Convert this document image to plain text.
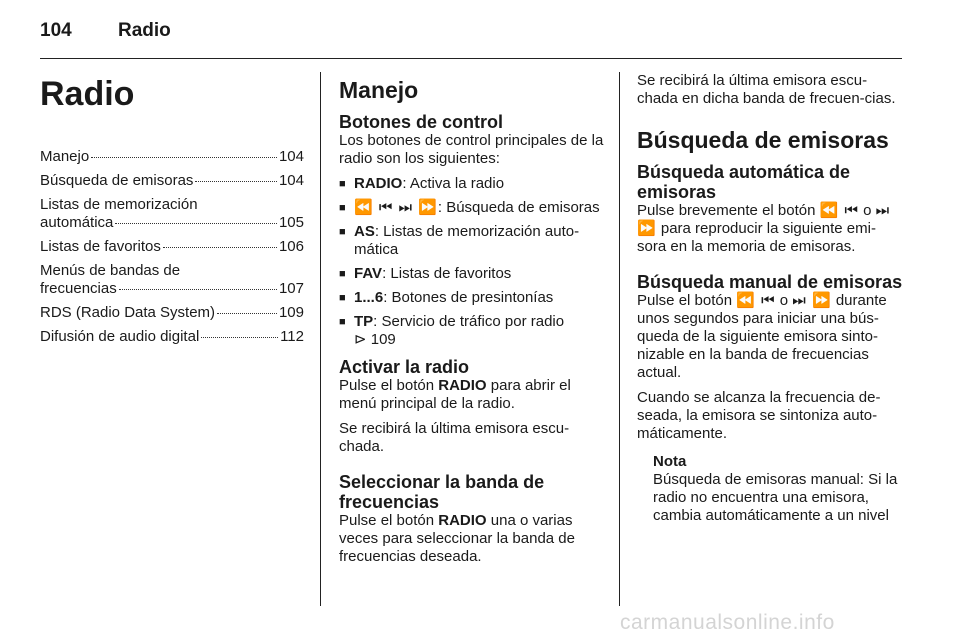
104 Radio
Radio
Manejo	104
Búsqueda de emisoras	104
Listas de memorización
automática	105
Listas de favoritos	106
Menús de bandas de
frecuencias	107
RDS (Radio Data System)	109
Difusión de audio digital	112
Manejo
Botones de control

Los botones de control principales de la radio son los siguientes:

■ RADIO: Activa la radio
■ ⏪ ⏮ ⏭ ⏩: Búsqueda de emisoras
■ AS: Listas de memorización auto-mática
■ FAV: Listas de favoritos
■ 1...6: Botones de presintonías
■ TP: Servicio de tráfico por radio
⊳ 109
Activar la radio

Pulse el botón RADIO para abrir el menú principal de la radio.

Se recibirá la última emisora escu-chada.

Seleccionar la banda de frecuencias

Pulse el botón RADIO una o varias veces para seleccionar la banda de frecuencias deseada.

Se recibirá la última emisora escu-chada en dicha banda de frecuen-cias.

Búsqueda de emisoras
Búsqueda automática de emisoras

Pulse brevemente el botón ⏪ ⏮ o ⏭ ⏩ para reproducir la siguiente emi-sora en la memoria de emisoras.

Búsqueda manual de emisoras

Pulse el botón ⏪ ⏮ o ⏭ ⏩ durante unos segundos para iniciar una bús-queda de la siguiente emisora sinto-nizable en la banda de frecuencias actual.

Cuando se alcanza la frecuencia de-seada, la emisora se sintoniza auto-máticamente.

Nota
Búsqueda de emisoras manual: Si la radio no encuentra una emisora, cambia automáticamente a un nivel
carmanualsonline.info
